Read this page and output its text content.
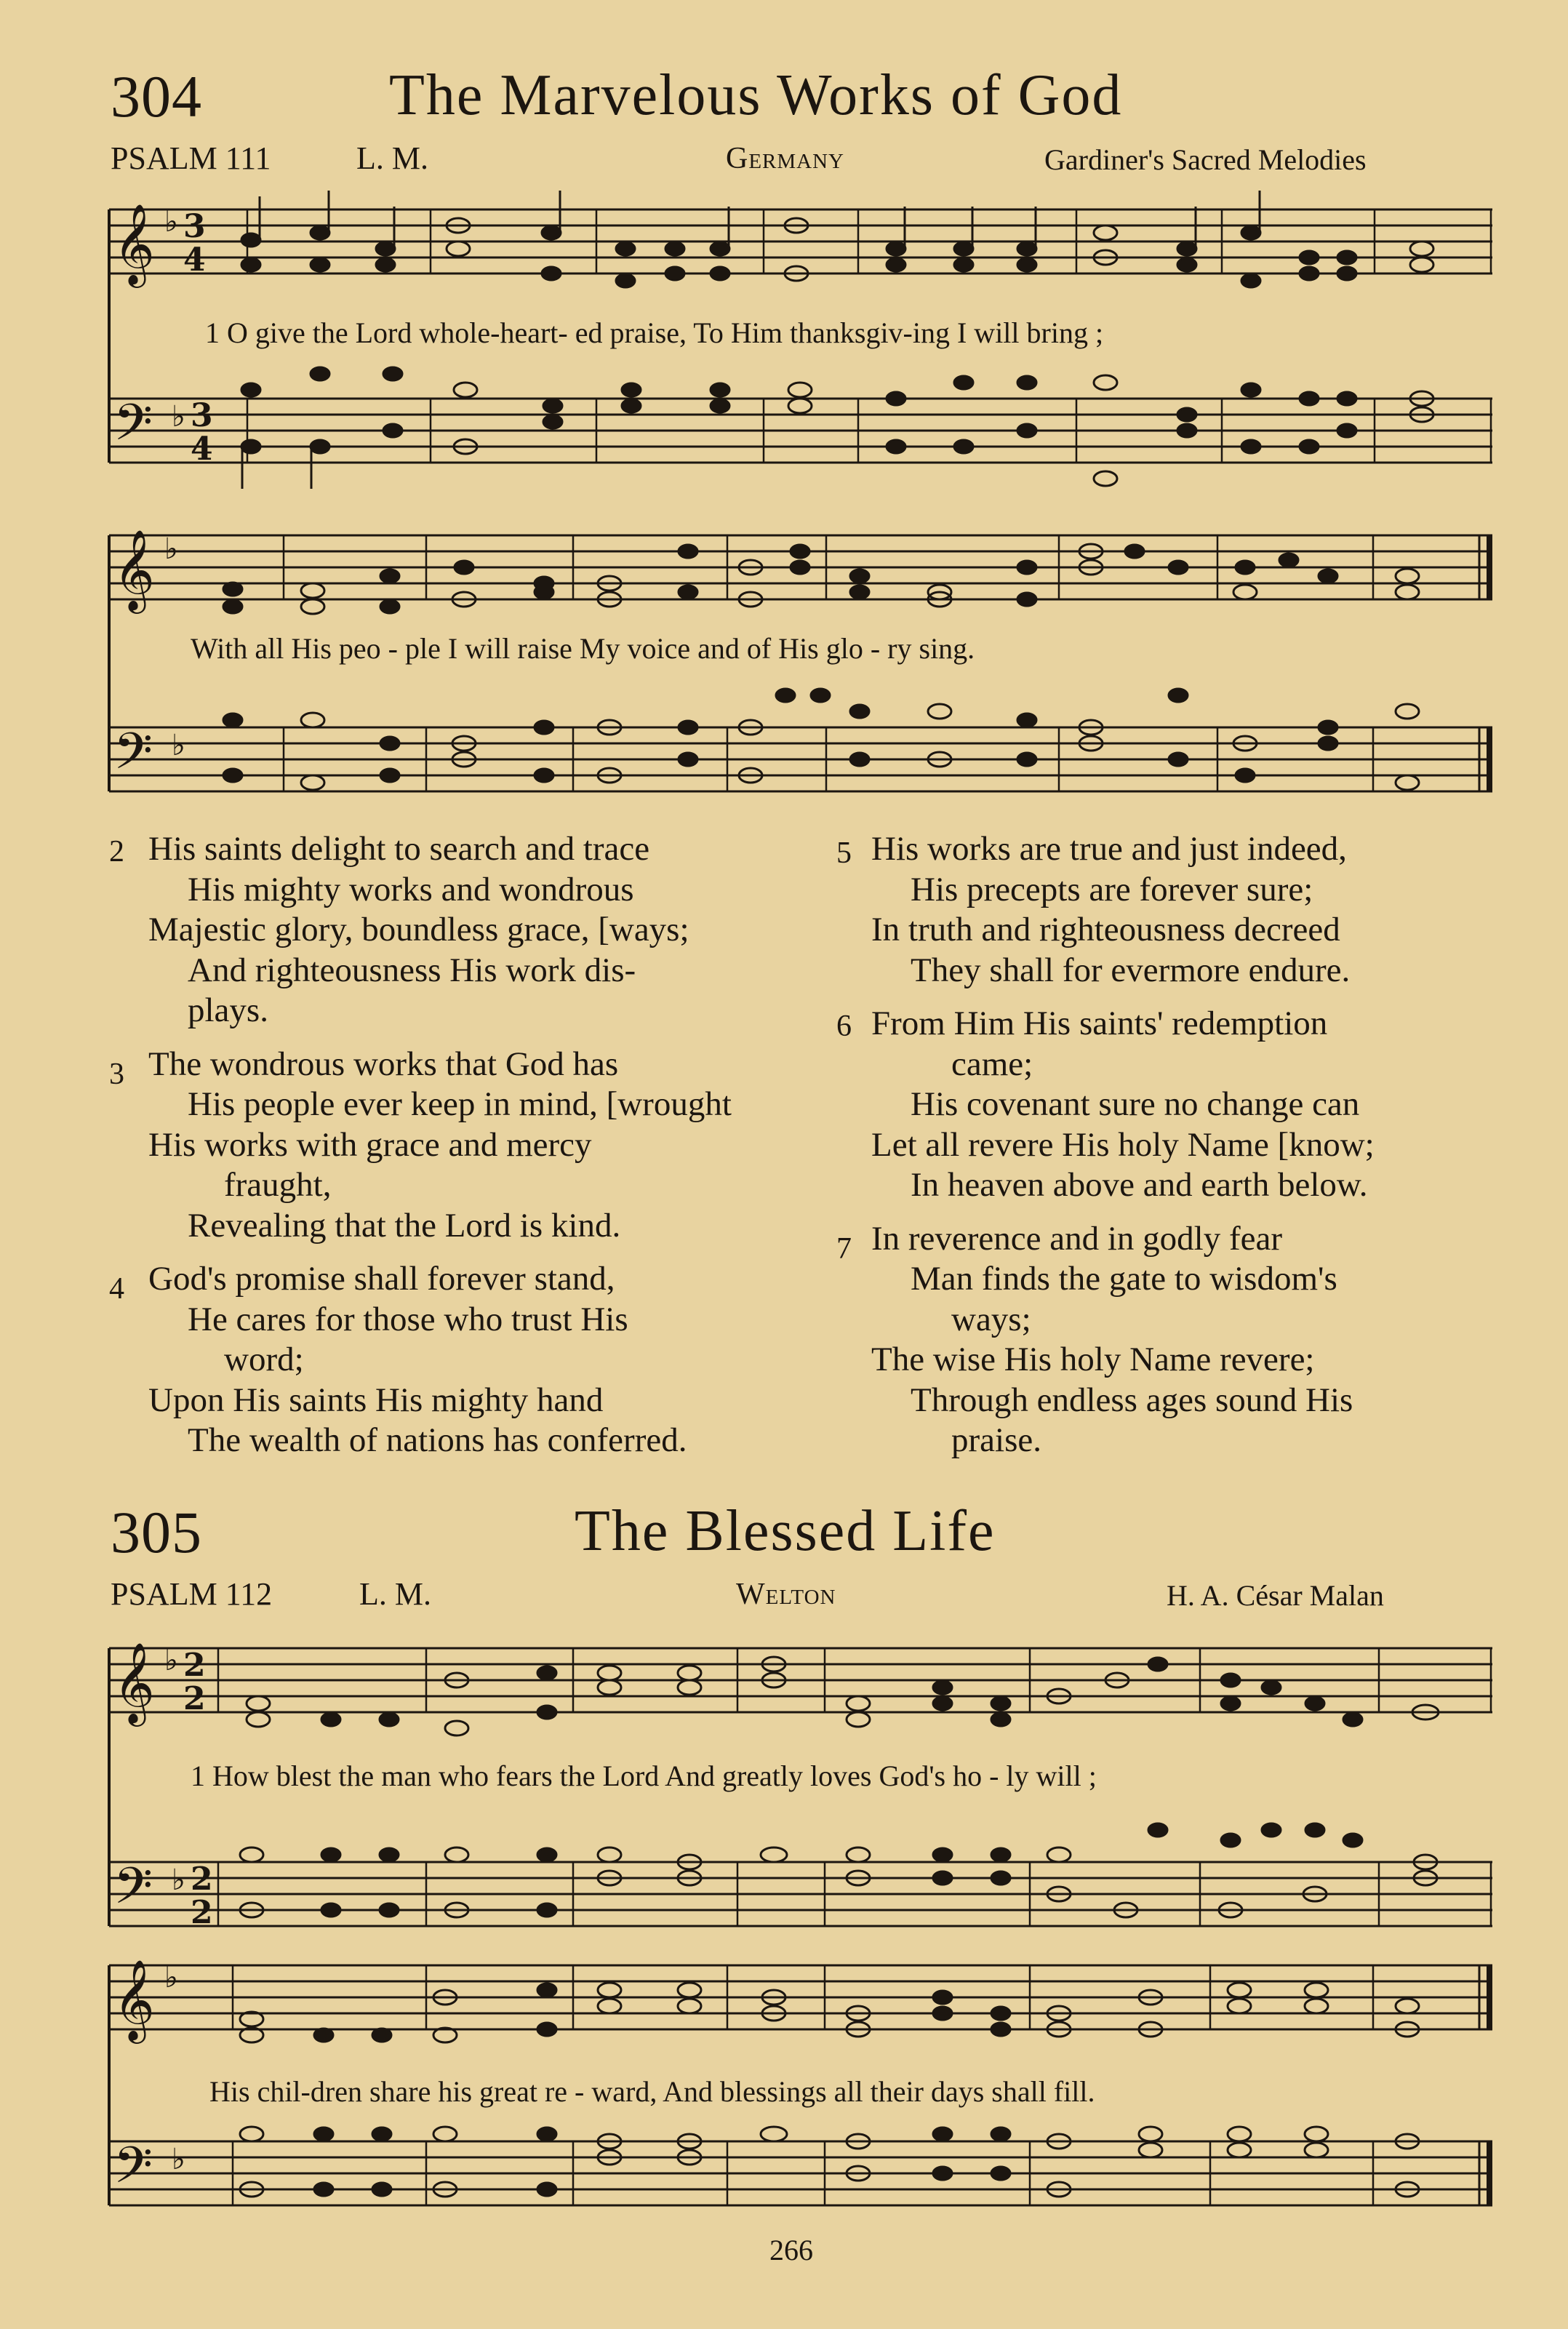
304	The Marvelous Works of God
PSALM 111	L. M.	Germany	Gardiner's Sacred Melodies
𝄞
𝄢
♭
♭
3
4
3
4
𝄞
𝄢
♭
♭
1 O give the Lord whole-heart- ed praise, To Him thanksgiv-ing I will bring ;
With all His peo - ple I will raise My voice and of His glo - ry sing.
2 His saints delight to search and trace
His mighty works and wondrous
Majestic glory, boundless grace, [ways;
And righteousness His work dis-
plays.
3 The wondrous works that God has
His people ever keep in mind, [wrought
His works with grace and mercy
fraught,
Revealing that the Lord is kind.
4 God's promise shall forever stand,
He cares for those who trust His
word;
Upon His saints His mighty hand
The wealth of nations has conferred.
5 His works are true and just indeed,
His precepts are forever sure;
In truth and righteousness decreed
They shall for evermore endure.
6 From Him His saints' redemption
came;
His covenant sure no change can
Let all revere His holy Name [know;
In heaven above and earth below.
7 In reverence and in godly fear
Man finds the gate to wisdom's
ways;
The wise His holy Name revere;
Through endless ages sound His
praise.
305	The Blessed Life
PSALM 112	L. M.	Welton	H. A. César Malan
𝄞
𝄢
♭
♭
2
2
2
2
𝄞
𝄢
♭
♭
1 How blest the man who fears the Lord And greatly loves God's ho - ly will ;
His chil-dren share his great re - ward, And blessings all their days shall fill.
266
